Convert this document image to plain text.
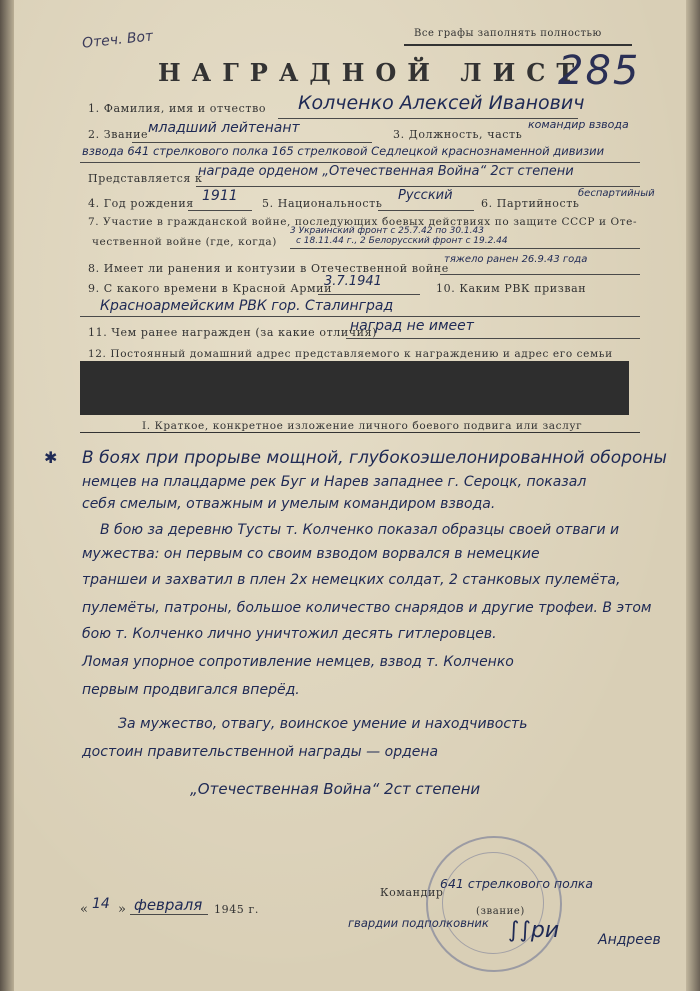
Отеч. Вот	Все графы заполнять полностью
НАГРАДНОЙ ЛИСТ
285
1. Фамилия, имя и отчество Колченко Алексей Иванович
2. Звание младший лейтенант	3. Должность, часть
командир взвода
взвода 641 стрелкового полка 165 стрелковой Седлецкой краснознаменной дивизии
Представляется к
награде орденом „Отечественная Война“ 2ст степени
4. Год рождения 1911 5. Национальность
Русский
6. Партийность
беспартийный
7. Участие в гражданской войне, последующих боевых действиях по защите СССР и Оте-
чественной войне (где, когда)
3 Украинский фронт с 25.7.42 по 30.1.43
с 18.11.44 г., 2 Белорусский фронт с 19.2.44
8. Имеет ли ранения и контузии в Отечественной войне
тяжело ранен 26.9.43 года
9. С какого времени в Красной Армии
3.7.1941	10. Каким РВК призван
Красноармейским РВК гор. Сталинград
11. Чем ранее награжден (за какие отличия)
наград не имеет
12. Постоянный домашний адрес представляемого к награждению и адрес его семьи
I. Краткое, конкретное изложение личного боевого подвига или заслуг
✱ В боях при прорыве мощной, глубокоэшелонированной обороны
немцев на плацдарме рек Буг и Нарев западнее г. Сероцк, показал
себя смелым, отважным и умелым командиром взвода.
В бою за деревню Тусты т. Колченко показал образцы своей отваги и
мужества: он первым со своим взводом ворвался в немецкие
траншеи и захватил в плен 2х немецких солдат, 2 станковых пулемёта,
пулемёты, патроны, большое количество снарядов и другие трофеи. В этом
бою т. Колченко лично уничтожил десять гитлеровцев.
Ломая упорное сопротивление немцев, взвод т. Колченко
первым продвигался вперёд.
За мужество, отвагу, воинское умение и находчивость
достоин правительственной награды — ордена
„Отечественная Война“ 2ст степени
« 14 » февраля 1945 г.
Командир
641 стрелкового полка
(звание)
гвардии подполковник ∫∫ри	Андреев
